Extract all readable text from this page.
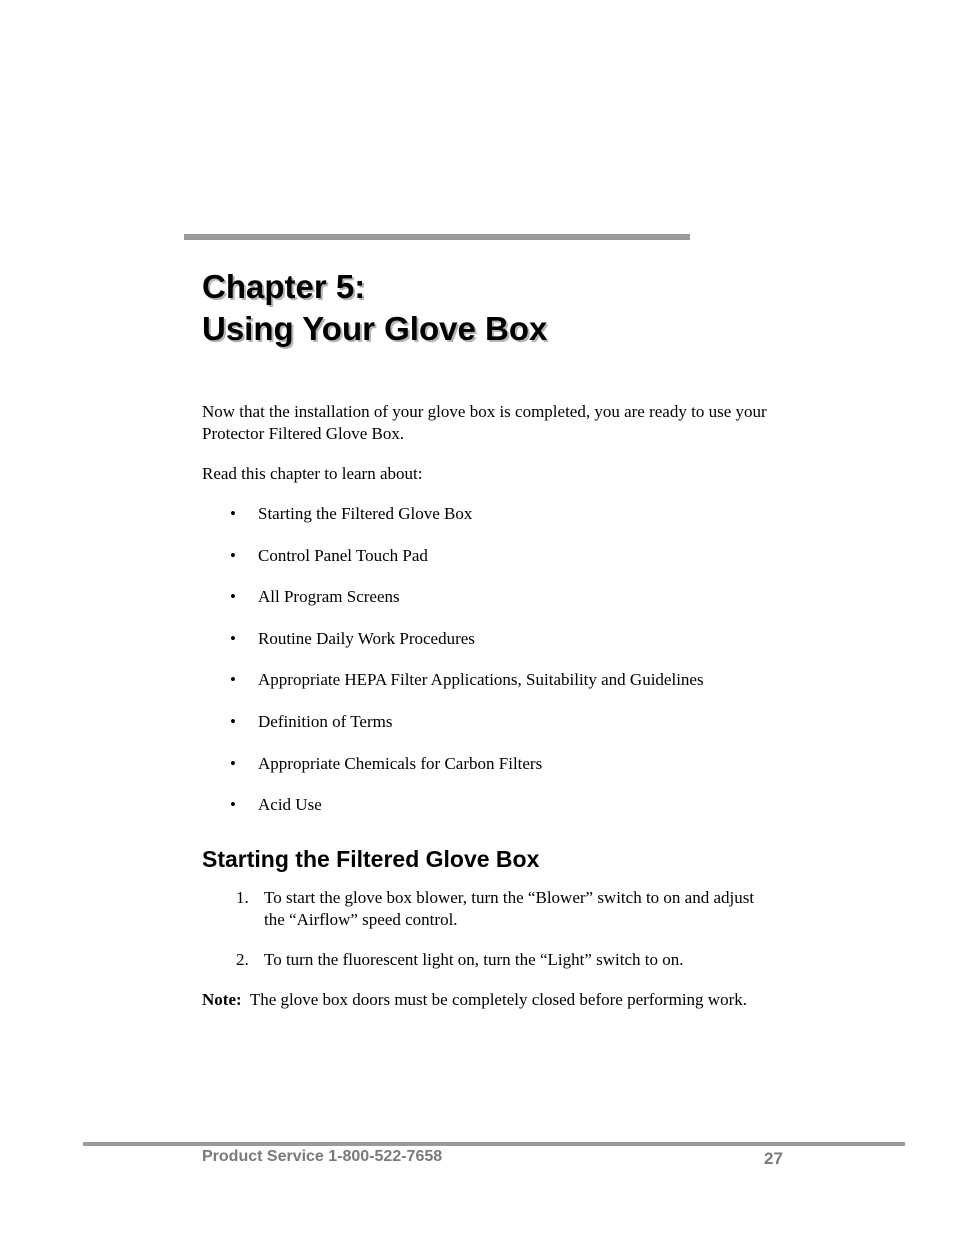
Chapter 5:
Using Your Glove Box

Now that the installation of your glove box is completed, you are ready to use your Protector Filtered Glove Box.

Read this chapter to learn about:

• Starting the Filtered Glove Box
• Control Panel Touch Pad
• All Program Screens
• Routine Daily Work Procedures
• Appropriate HEPA Filter Applications, Suitability and Guidelines
• Definition of Terms
• Appropriate Chemicals for Carbon Filters
• Acid Use
Starting the Filtered Glove Box
1. To start the glove box blower, turn the “Blower” switch to on and adjust the “Airflow” speed control.
2. To turn the fluorescent light on, turn the “Light” switch to on.

Note: The glove box doors must be completely closed before performing work.

Product Service 1-800-522-7658	27
